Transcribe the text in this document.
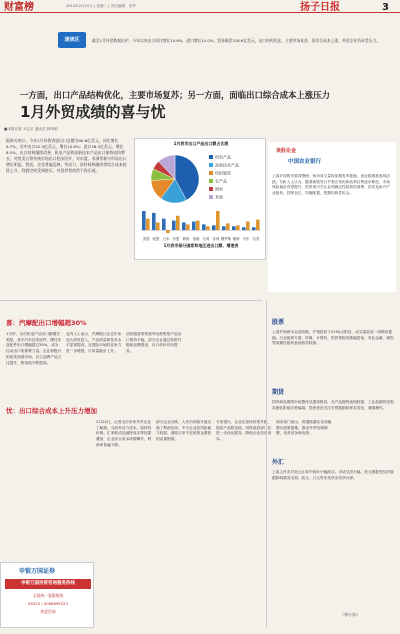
财富榜	2014年2月25日 | 星期二 | 责任编辑：李华	扬子日报	3
速读区	截至1月外贸数据出炉，今年以来出口同比增长10.6%，进口增长10.0%，贸易顺差318.6亿美元，出口结构优化，主要市场复苏，但综合成本上涨，外贸企业仍承受压力。
一方面，出口产品结构优化，主要市场复苏；另一方面，面临出口综合成本上涨压力
1月外贸成绩的喜与忧
■本报记者 尹志平 通讯员 林华明
据海关统计，今年1月份我省进出口总额为90.6亿美元，同比增长9.7%。其中出口52.3亿美元，增长10.6%；进口38.3亿美元，增长8.5%。出口结构继续改善，机电产品和高新技术产品出口保持较快增长，对欧美日等传统市场出口稳步回升，对东盟、非洲等新兴市场出口增长明显。然而，企业普遍反映，劳动力、原材料和融资等综合成本持续上升，利润空间受到挤压，外贸形势依然不容乐观。
1月我市出口产品出口额占比图
机电产品
高新技术产品
纺织服装
农产品
钢材
其他
美国 欧盟 日本 东盟 韩国 香港 台湾 非洲 俄罗斯 澳洲 中东 拉美
1月我市部分国家和地区进出口额、增速表
谈股论金
中国农业银行
上周沪深股市震荡整理，两市成交量较前期有所萎缩，创业板指数表现活跃。分析人士认为，随着新股发行节奏正常化和改革红利逐步释放，市场风险偏好有望提升，投资者可关注业绩确定性较高的消费、医药及新兴产业板块，控制仓位，均衡配置，把握结构性机会。
喜：汽摩配出口增幅超30%
1月份，全市机电产品出口额增长明显，其中汽车及零部件、摩托车及配件出口增幅超过30%，成为拉动出口的重要力量。企业积极开拓欧美高端市场，自主品牌产品占比提升，附加值不断提高。
业内人士表示，汽摩配行业近年来加大研发投入，产品质量和技术水平显著提高，在国际市场的竞争力进一步增强，订单量稳步上升。
纺织服装等传统劳动密集型产品出口保持平稳，部分企业通过转型升级和品牌建设，出口单价有所提高。
忧：出口综合成本上升压力增加
2月24日，记者走访多家外贸企业了解到，当前劳动力成本、原材料价格、汇率波动及融资成本等因素叠加，企业综合成本持续攀升，利润率普遍下降。
部分企业反映，人民币持续升值压缩了利润空间，中小企业抗风险能力较弱，面临订单不足和资金紧张的双重困境。
专家建议，企业应加快转型升级，提高产品附加值，同时政府部门应进一步优化服务，降低企业经营成本。
商务部门表示，将继续落实各项稳增长政策措施，推动外贸结构调整，培育竞争新优势。
股票
上周沪深两市双双收涨，沪指报收于2100点附近，成交量较前一周略有萎缩。行业板块方面，传媒、计算机、医药等板块涨幅居前，有色金属、煤炭等周期性板块表现相对较弱。
期货
国内商品期货市场整体呈震荡格局，农产品期货表现较强，工业品期货受需求疲软影响走势偏弱。投资者宜关注宏观数据和库存变化，谨慎操作。
外汇
上周人民币对美元汇率中间价小幅波动，市场交投平稳。美元指数受经济数据影响震荡走弱，欧元、日元等非美货币有所反弹。
（李小东）
申银万国证券
申银万国投资咨询服务热线
全国统一客服热线
95523 / 4008895523
欢迎咨询
